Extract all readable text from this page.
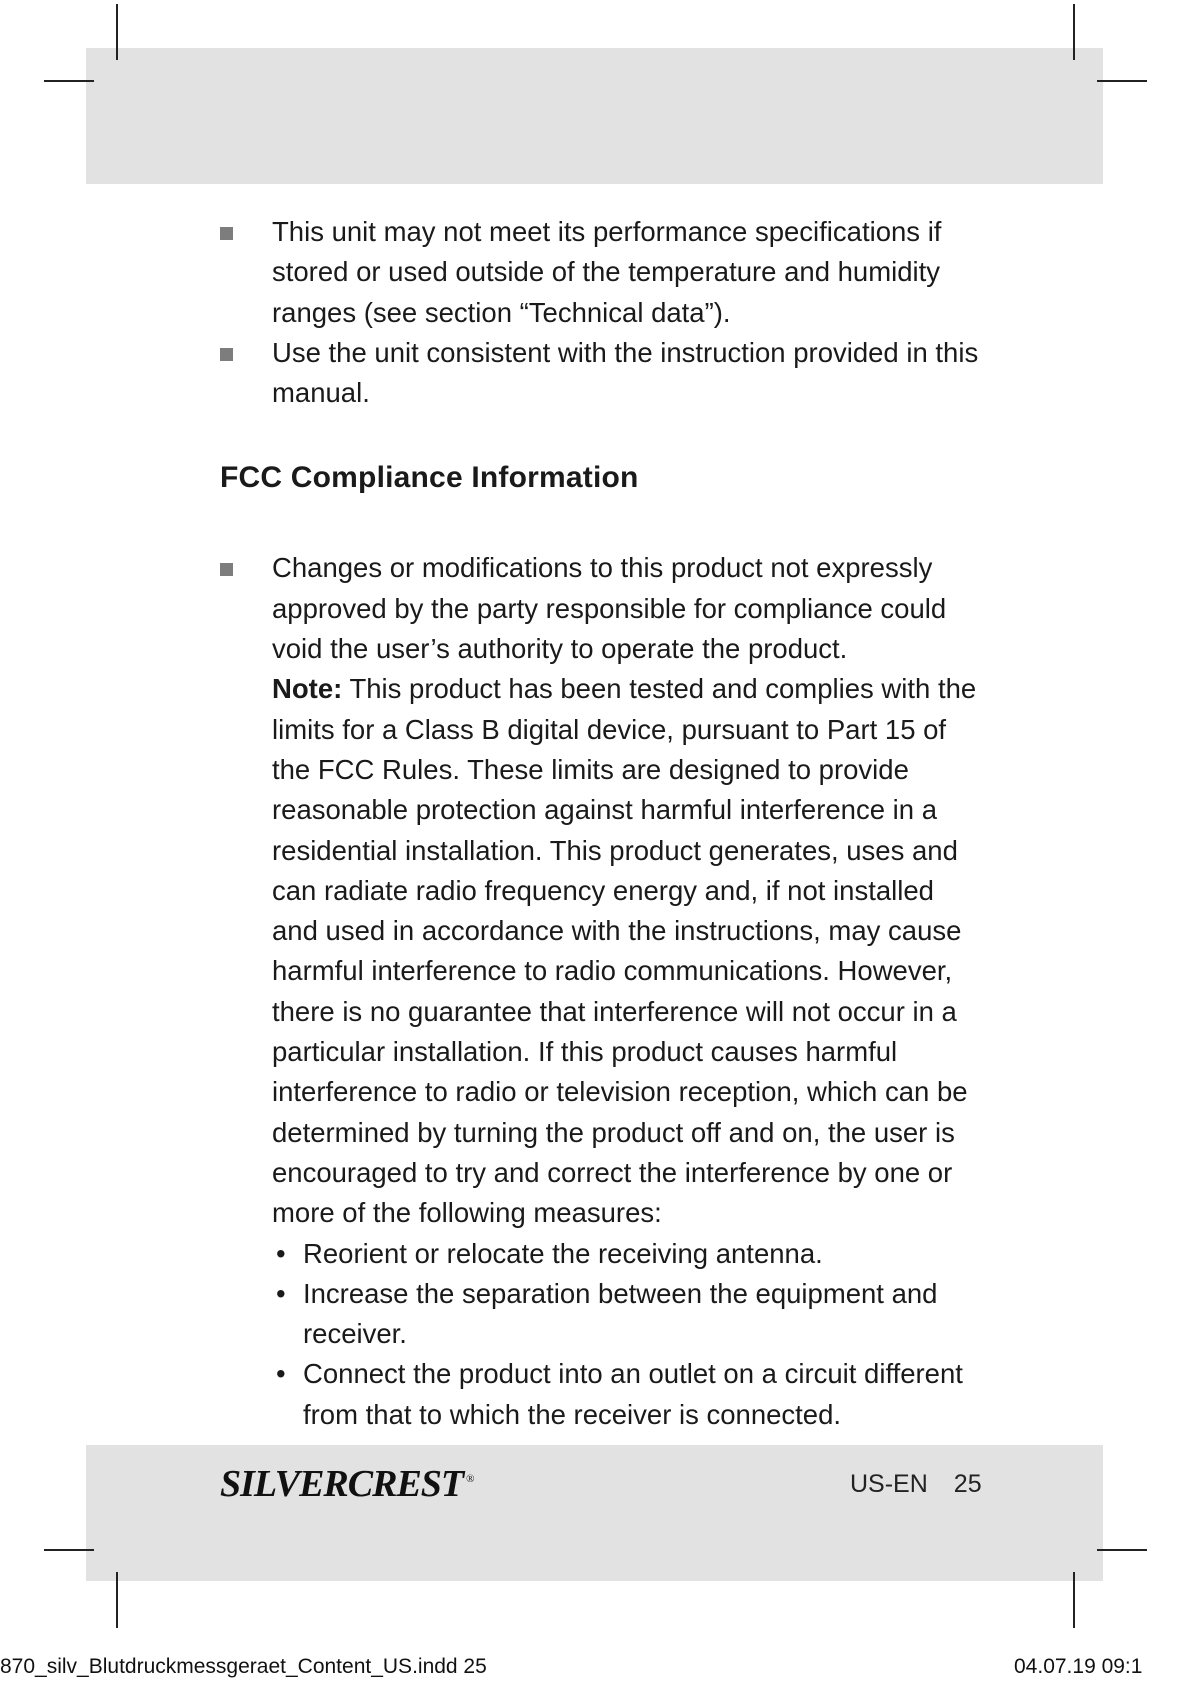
This unit may not meet its performance specifications if stored or used outside of the temperature and humidity ranges (see section “Technical data”).
Use the unit consistent with the instruction provided in this manual.
FCC Compliance Information
Changes or modifications to this product not expressly approved by the party responsible for compliance could void the user’s authority to operate the product.
Note: This product has been tested and complies with the limits for a Class B digital device, pursuant to Part 15 of the FCC Rules. These limits are designed to provide reasonable protection against harmful interference in a residential installation. This product generates, uses and can radiate radio frequency energy and, if not installed and used in accordance with the instructions, may cause harmful interference to radio communications. However, there is no guarantee that interference will not occur in a particular installation. If this product causes harmful interference to radio or television reception, which can be determined by turning the product off and on, the user is encouraged to try and correct the interference by one or more of the following measures:
• Reorient or relocate the receiving antenna.
• Increase the separation between the equipment and receiver.
• Connect the product into an outlet on a circuit different from that to which the receiver is connected.
SILVERCREST ®	US-EN 25
870_silv_Blutdruckmessgeraet_Content_US.indd 25	04.07.19 09:1
